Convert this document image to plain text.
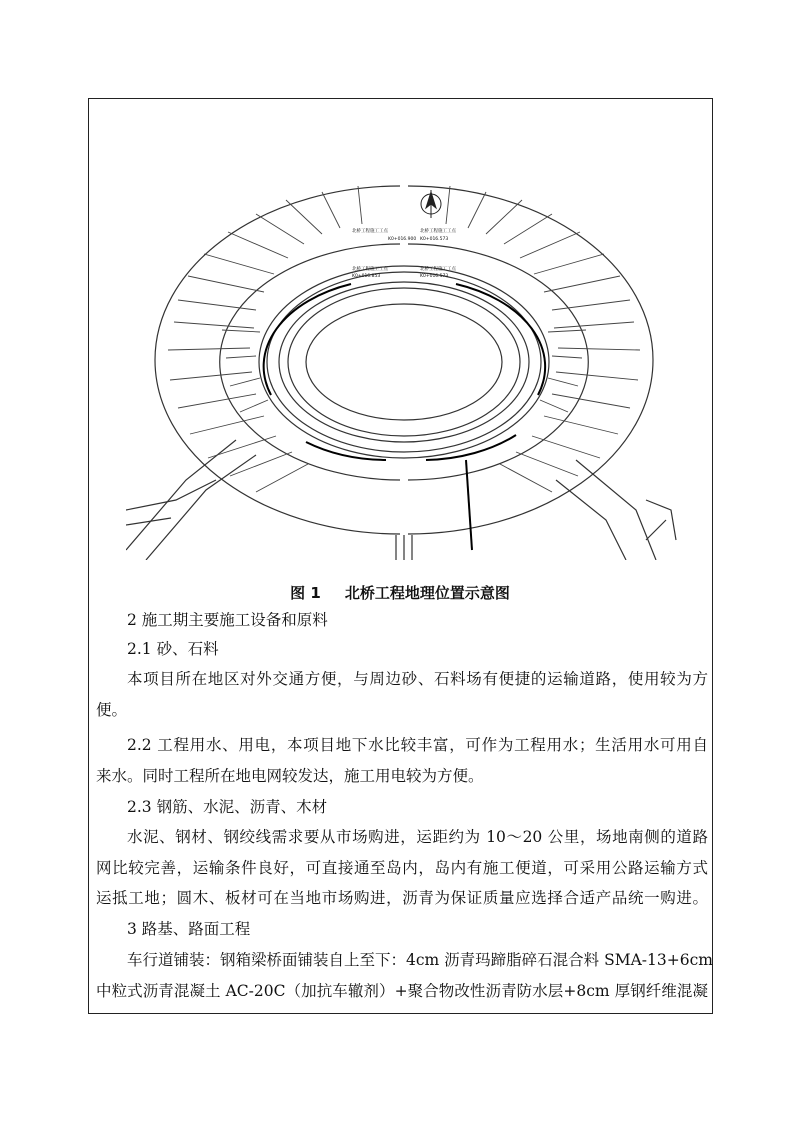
北桥工程施工工点
K0+016.900
北桥工程施工工点
K0+016.573
北桥工程施工工点
K0+016.853
北桥工程施工工点
K0+016.573
图 1 北桥工程地理位置示意图
2 施工期主要施工设备和原料
2.1 砂、石料
本项目所在地区对外交通方便，与周边砂、石料场有便捷的运输道路，使用较为方
便。
2.2 工程用水、用电，本项目地下水比较丰富，可作为工程用水；生活用水可用自
来水。同时工程所在地电网较发达，施工用电较为方便。
2.3 钢筋、水泥、沥青、木材
水泥、钢材、钢绞线需求要从市场购进，运距约为 10～20 公里，场地南侧的道路
网比较完善，运输条件良好，可直接通至岛内，岛内有施工便道，可采用公路运输方式
运抵工地；圆木、板材可在当地市场购进，沥青为保证质量应选择合适产品统一购进。
3 路基、路面工程
车行道铺装：钢箱梁桥面铺装自上至下：4cm 沥青玛蹄脂碎石混合料 SMA-13+6cm
中粒式沥青混凝土 AC-20C（加抗车辙剂）+聚合物改性沥青防水层+8cm 厚钢纤维混凝
